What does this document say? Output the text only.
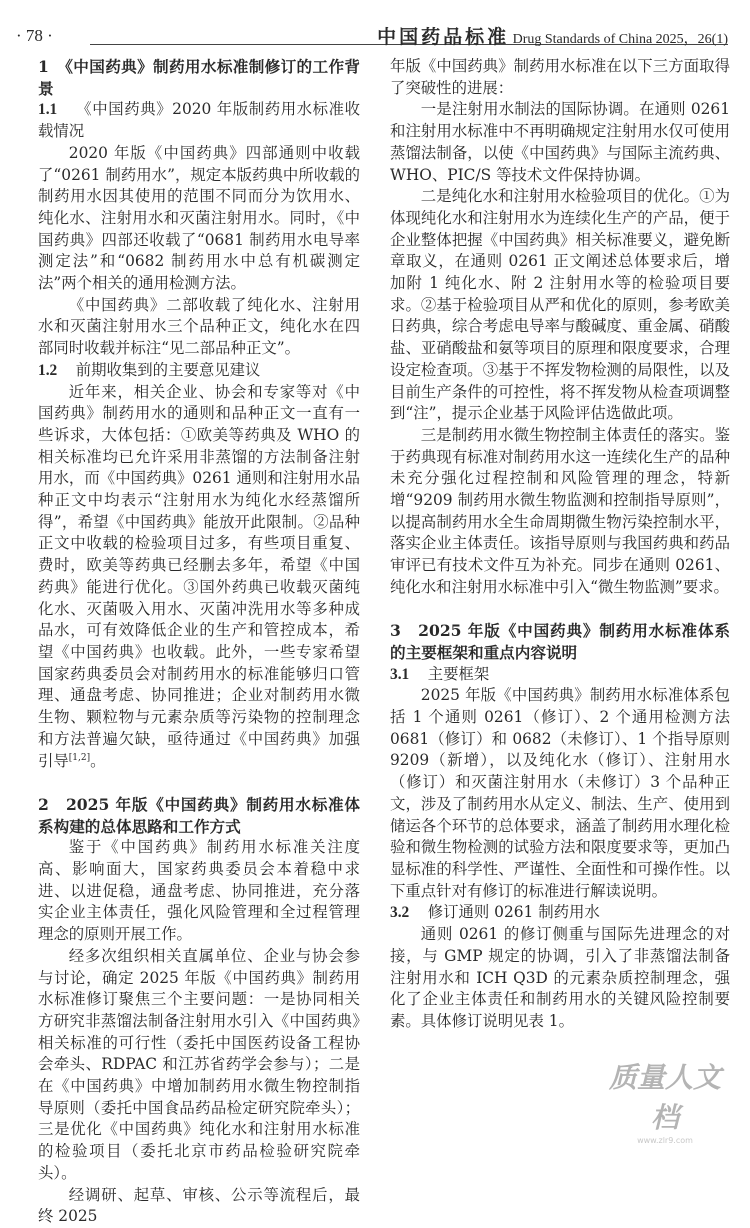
· 78 ·	中国药品标准 Drug Standards of China 2025，26(1)
1　《中国药典》制药用水标准制修订的工作背景
1.1 《中国药典》2020 年版制药用水标准收载情况

2020 年版《中国药典》四部通则中收载了“0261 制药用水”，规定本版药典中所收载的制药用水因其使用的范围不同而分为饮用水、纯化水、注射用水和灭菌注射用水。同时，《中国药典》四部还收载了“0681 制药用水电导率测定法”和“0682 制药用水中总有机碳测定法”两个相关的通用检测方法。

《中国药典》二部收载了纯化水、注射用水和灭菌注射用水三个品种正文，纯化水在四部同时收载并标注“见二部品种正文”。

1.2 前期收集到的主要意见建议

近年来，相关企业、协会和专家等对《中国药典》制药用水的通则和品种正文一直有一些诉求，大体包括：①欧美等药典及 WHO 的相关标准均已允许采用非蒸馏的方法制备注射用水，而《中国药典》0261 通则和注射用水品种正文中均表示“注射用水为纯化水经蒸馏所得”，希望《中国药典》能放开此限制。②品种正文中收载的检验项目过多，有些项目重复、费时，欧美等药典已经删去多年，希望《中国药典》能进行优化。③国外药典已收载灭菌纯化水、灭菌吸入用水、灭菌冲洗用水等多种成品水，可有效降低企业的生产和管控成本，希望《中国药典》也收载。此外，一些专家希望国家药典委员会对制药用水的标准能够归口管理、通盘考虑、协同推进；企业对制药用水微生物、颗粒物与元素杂质等污染物的控制理念和方法普遍欠缺，亟待通过《中国药典》加强引导[1,2]。

2　2025 年版《中国药典》制药用水标准体系构建的总体思路和工作方式

鉴于《中国药典》制药用水标准关注度高、影响面大，国家药典委员会本着稳中求进、以进促稳，通盘考虑、协同推进，充分落实企业主体责任，强化风险管理和全过程管理理念的原则开展工作。

经多次组织相关直属单位、企业与协会参与讨论，确定 2025 年版《中国药典》制药用水标准修订聚焦三个主要问题：一是协同相关方研究非蒸馏法制备注射用水引入《中国药典》相关标准的可行性（委托中国医药设备工程协会牵头、RDPAC 和江苏省药学会参与）；二是在《中国药典》中增加制药用水微生物控制指导原则（委托中国食品药品检定研究院牵头）；三是优化《中国药典》纯化水和注射用水标准的检验项目（委托北京市药品检验研究院牵头）。

经调研、起草、审核、公示等流程后，最终 2025

年版《中国药典》制药用水标准在以下三方面取得了突破性的进展：

一是注射用水制法的国际协调。在通则 0261 和注射用水标准中不再明确规定注射用水仅可使用蒸馏法制备，以使《中国药典》与国际主流药典、WHO、PIC/S 等技术文件保持协调。

二是纯化水和注射用水检验项目的优化。①为体现纯化水和注射用水为连续化生产的产品，便于企业整体把握《中国药典》相关标准要义，避免断章取义，在通则 0261 正文阐述总体要求后，增加附 1 纯化水、附 2 注射用水等的检验项目要求。②基于检验项目从严和优化的原则，参考欧美日药典，综合考虑电导率与酸碱度、重金属、硝酸盐、亚硝酸盐和氨等项目的原理和限度要求，合理设定检查项。③基于不挥发物检测的局限性，以及目前生产条件的可控性，将不挥发物从检查项调整到“注”，提示企业基于风险评估选做此项。

三是制药用水微生物控制主体责任的落实。鉴于药典现有标准对制药用水这一连续化生产的品种未充分强化过程控制和风险管理的理念，特新增“9209 制药用水微生物监测和控制指导原则”，以提高制药用水全生命周期微生物污染控制水平，落实企业主体责任。该指导原则与我国药典和药品审评已有技术文件互为补充。同步在通则 0261、纯化水和注射用水标准中引入“微生物监测”要求。

3　2025 年版《中国药典》制药用水标准体系的主要框架和重点内容说明
3.1 主要框架

2025 年版《中国药典》制药用水标准体系包括 1 个通则 0261（修订）、2 个通用检测方法 0681（修订）和 0682（未修订）、1 个指导原则 9209（新增），以及纯化水（修订）、注射用水（修订）和灭菌注射用水（未修订）3 个品种正文，涉及了制药用水从定义、制法、生产、使用到储运各个环节的总体要求，涵盖了制药用水理化检验和微生物检测的试验方法和限度要求等，更加凸显标准的科学性、严谨性、全面性和可操作性。以下重点针对有修订的标准进行解读说明。

3.2 修订通则 0261 制药用水

通则 0261 的修订侧重与国际先进理念的对接，与 GMP 规定的协调，引入了非蒸馏法制备注射用水和 ICH Q3D 的元素杂质控制理念，强化了企业主体责任和制药用水的关键风险控制要素。具体修订说明见表 1。

质量人文档
www.zlr9.com
